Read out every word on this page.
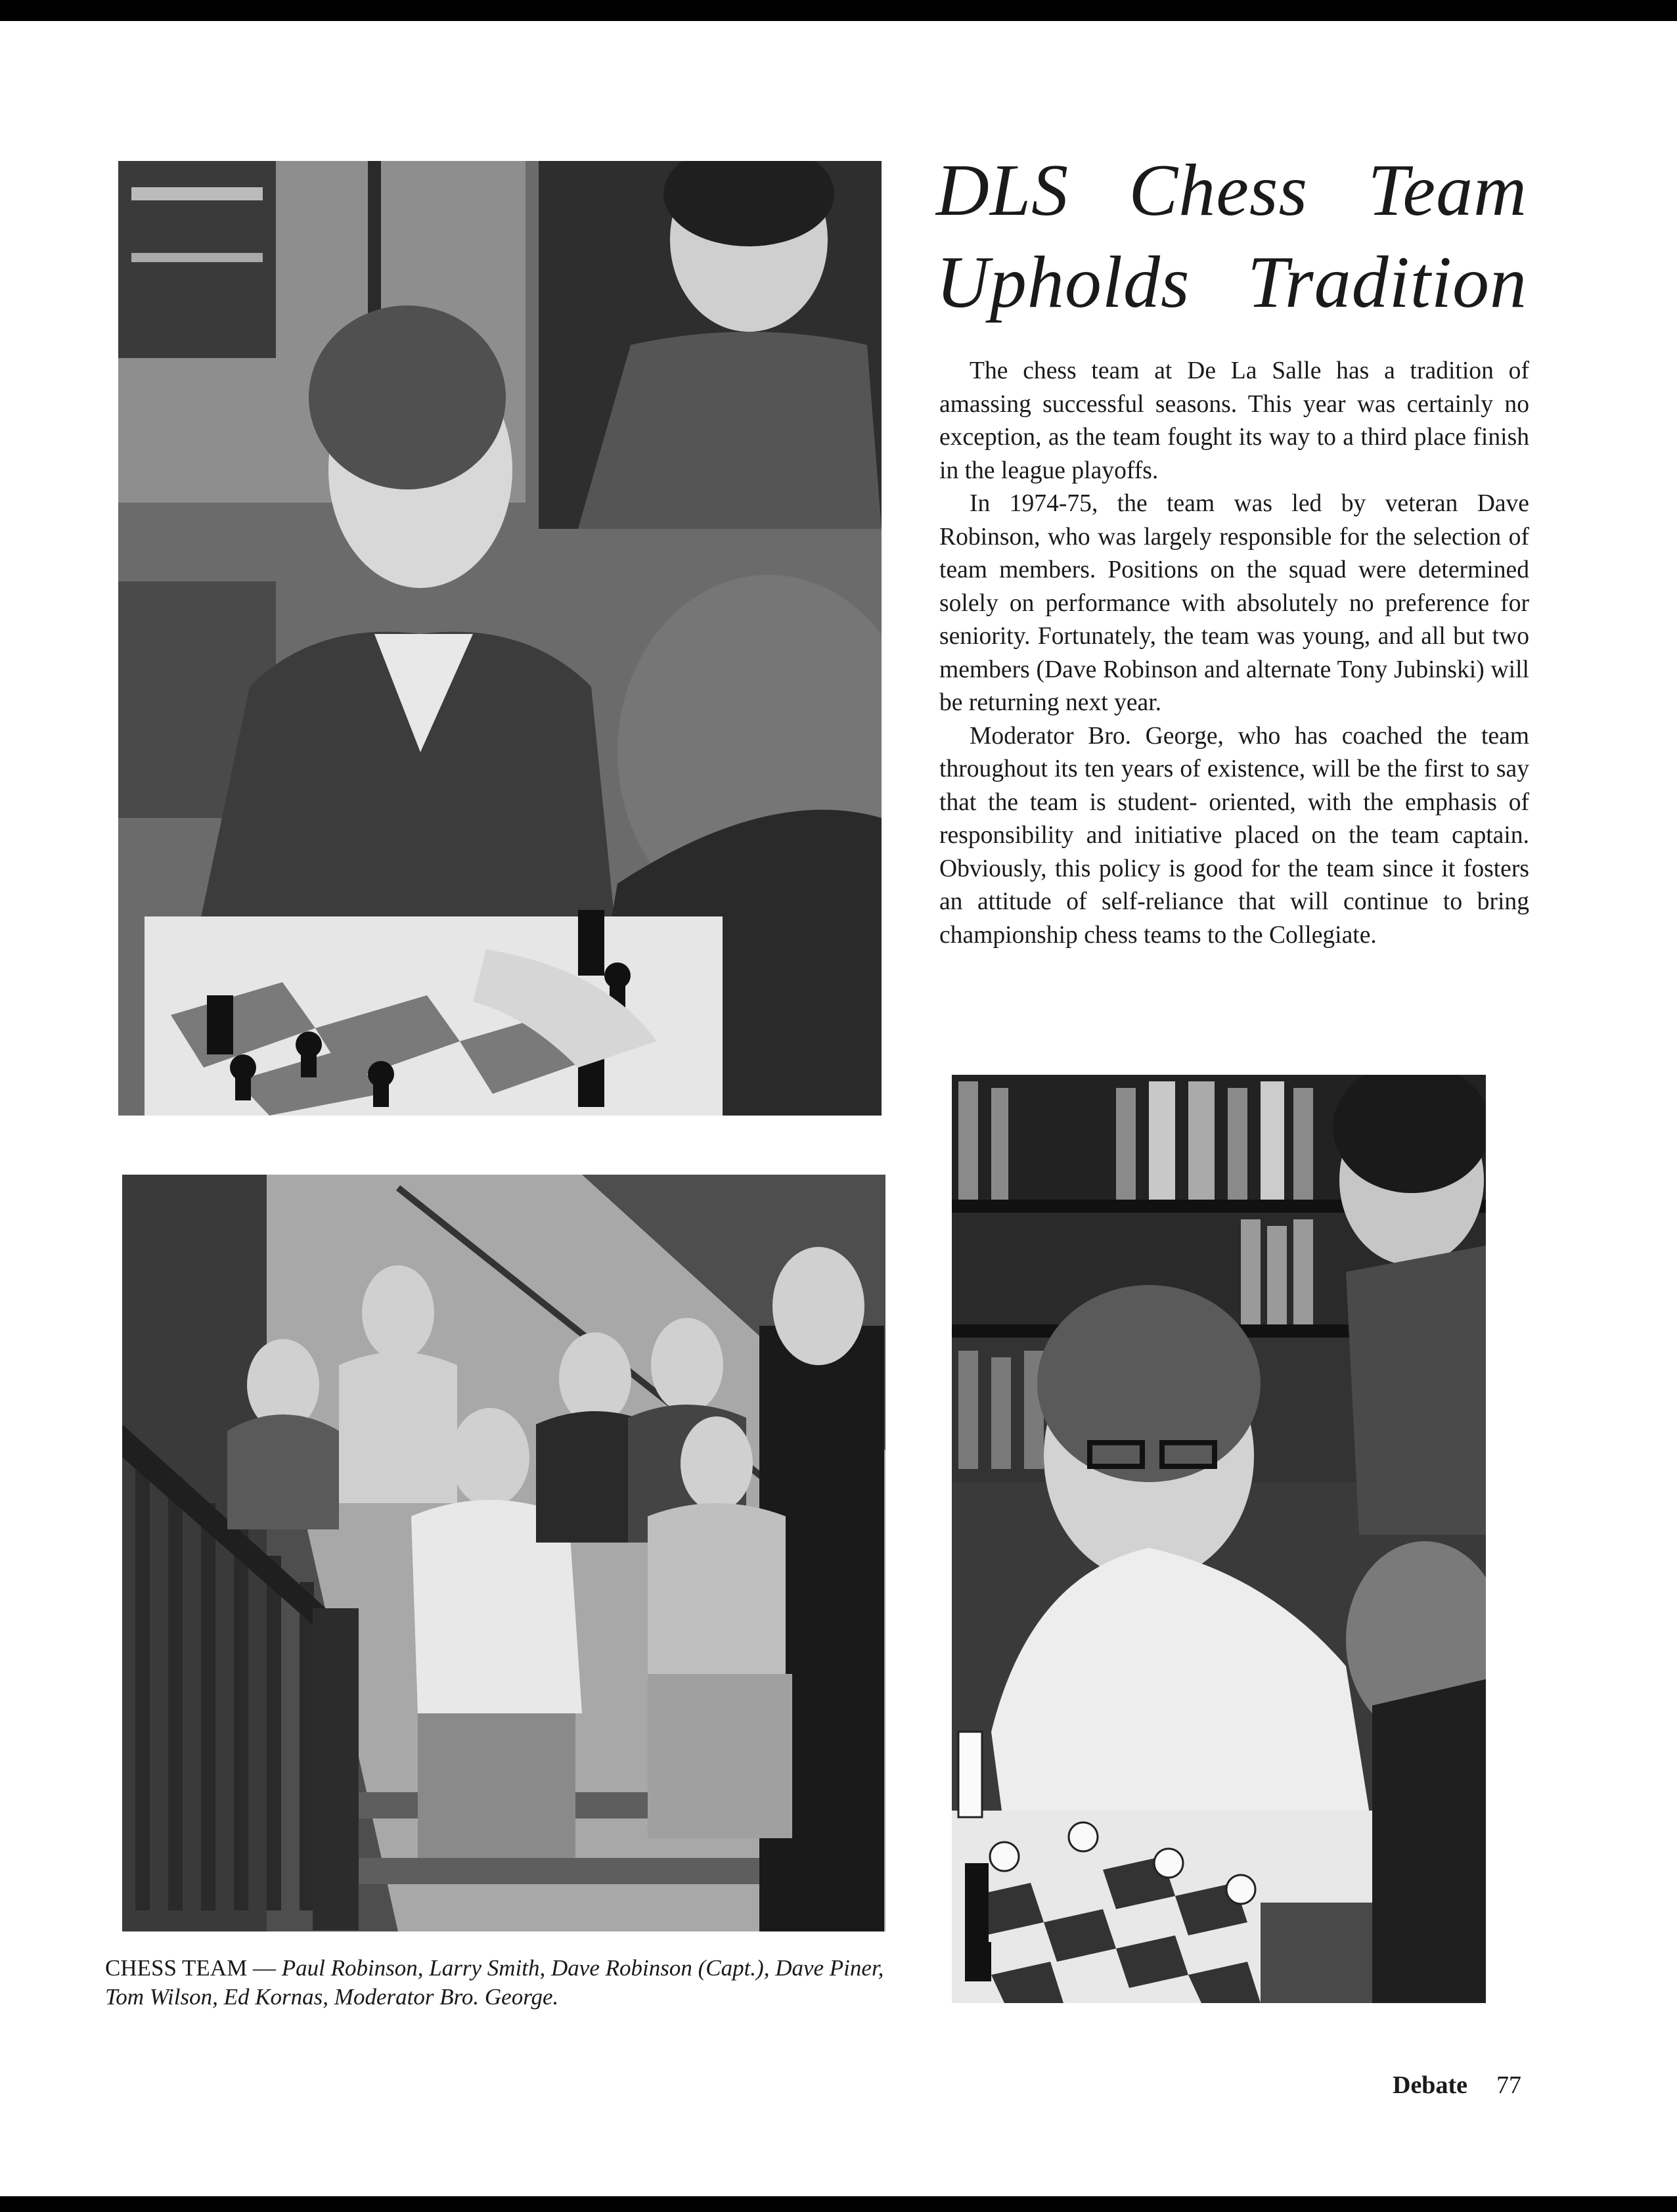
DLS Chess Team
Upholds Tradition

The chess team at De La Salle has a tradition of amassing successful seasons. This year was certainly no exception, as the team fought its way to a third place finish in the league playoffs.

In 1974-75, the team was led by veteran Dave Robinson, who was largely responsible for the selection of team members. Positions on the squad were determined solely on performance with absolutely no preference for seniority. Fortunately, the team was young, and all but two members (Dave Robinson and alternate Tony Jubinski) will be returning next year.

Moderator Bro. George, who has coached the team throughout its ten years of existence, will be the first to say that the team is student- oriented, with the emphasis of responsibility and initiative placed on the team captain. Obviously, this policy is good for the team since it fosters an attitude of self-reliance that will continue to bring championship chess teams to the Collegiate.

CHESS TEAM — Paul Robinson, Larry Smith, Dave Robinson (Capt.), Dave Piner, Tom Wilson, Ed Kornas, Moderator Bro. George.
Debate 77
